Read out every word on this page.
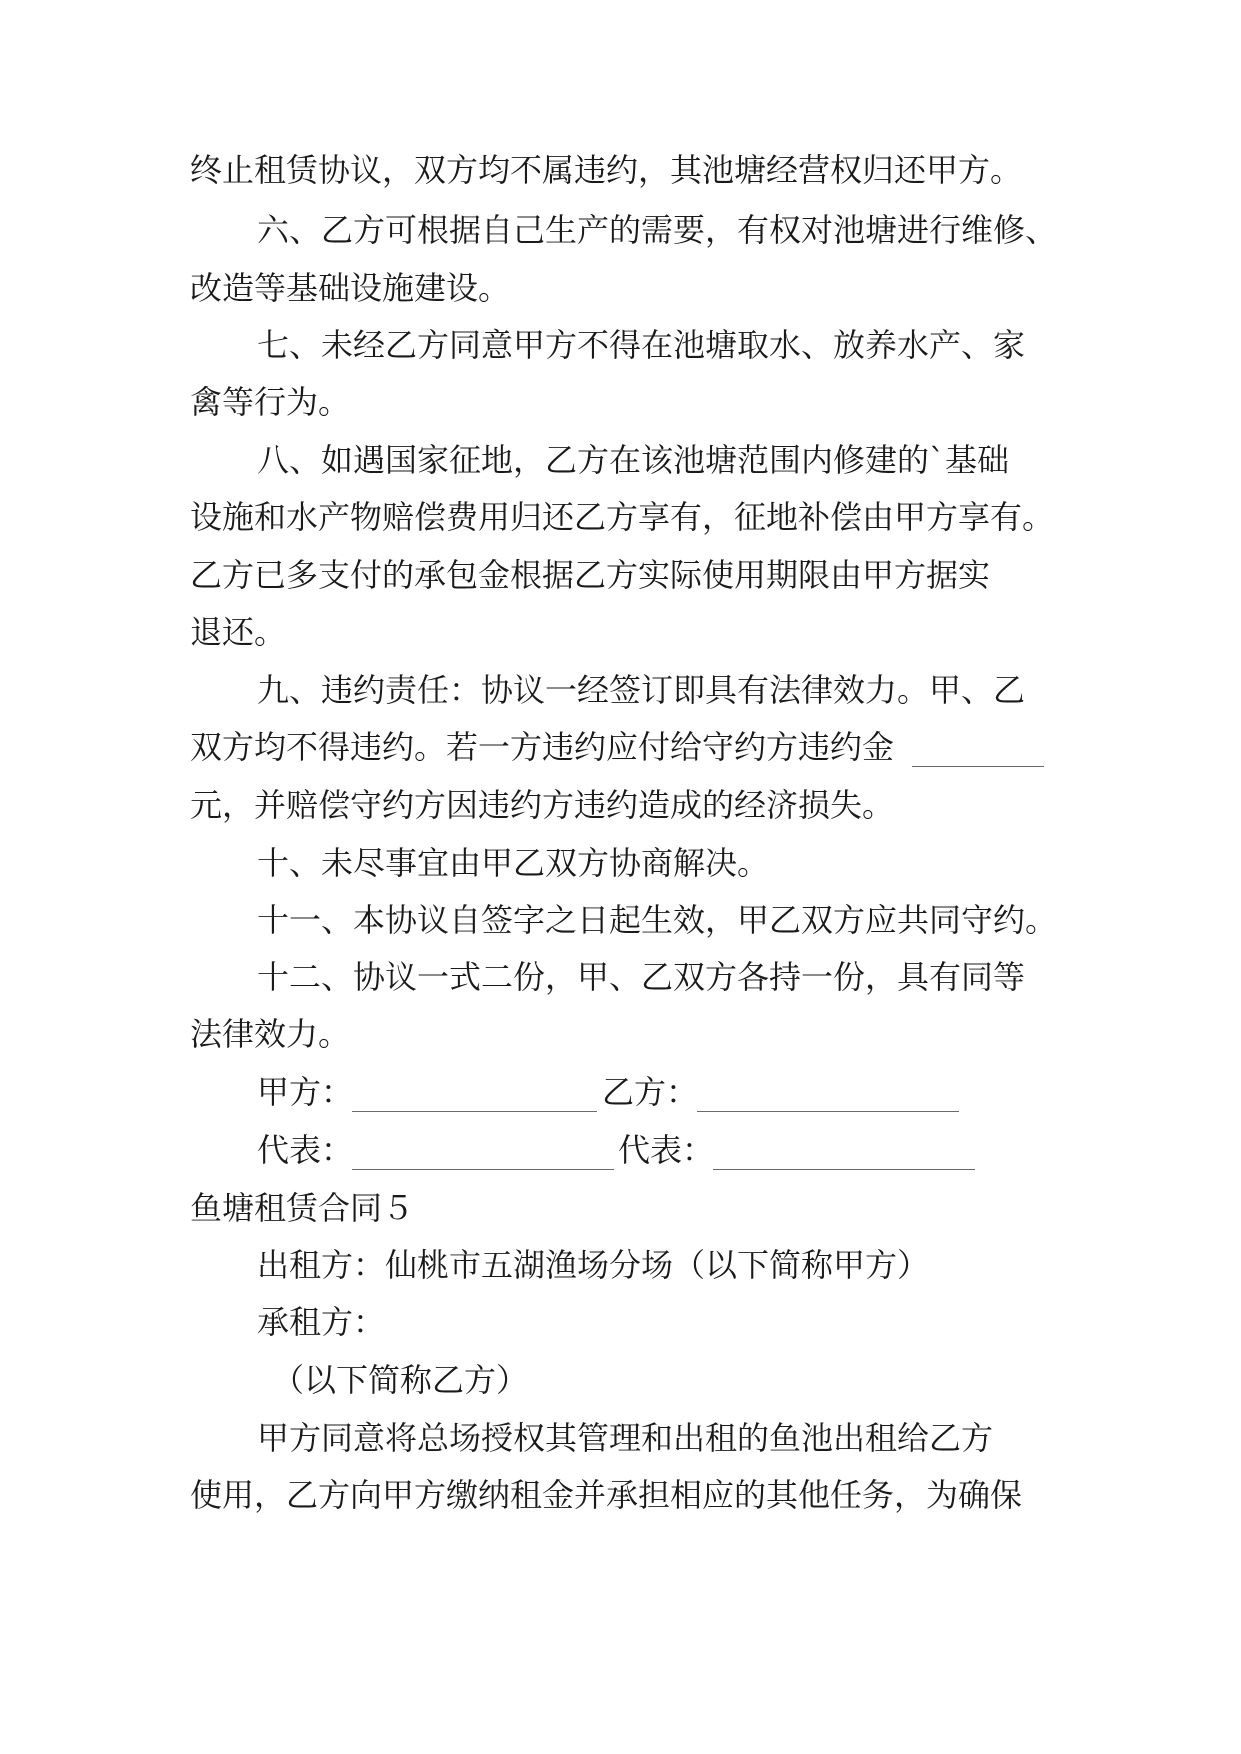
终止租赁协议，双方均不属违约，其池塘经营权归还甲方。
六、乙方可根据自己生产的需要，有权对池塘进行维修、
改造等基础设施建设。
七、未经乙方同意甲方不得在池塘取水、放养水产、家
禽等行为。
八、如遇国家征地，乙方在该池塘范围内修建的`基础
设施和水产物赔偿费用归还乙方享有，征地补偿由甲方享有。
乙方已多支付的承包金根据乙方实际使用期限由甲方据实
退还。
九、违约责任：协议一经签订即具有法律效力。甲、乙
双方均不得违约。若一方违约应付给守约方违约金
元，并赔偿守约方因违约方违约造成的经济损失。
十、未尽事宜由甲乙双方协商解决。
十一、本协议自签字之日起生效，甲乙双方应共同守约。
十二、协议一式二份，甲、乙双方各持一份，具有同等
法律效力。
甲方：	乙方：
代表：	代表：
鱼塘租赁合同５
出租方：仙桃市五湖渔场分场（以下简称甲方）
承租方：
（以下简称乙方）
甲方同意将总场授权其管理和出租的鱼池出租给乙方
使用，乙方向甲方缴纳租金并承担相应的其他任务，为确保
